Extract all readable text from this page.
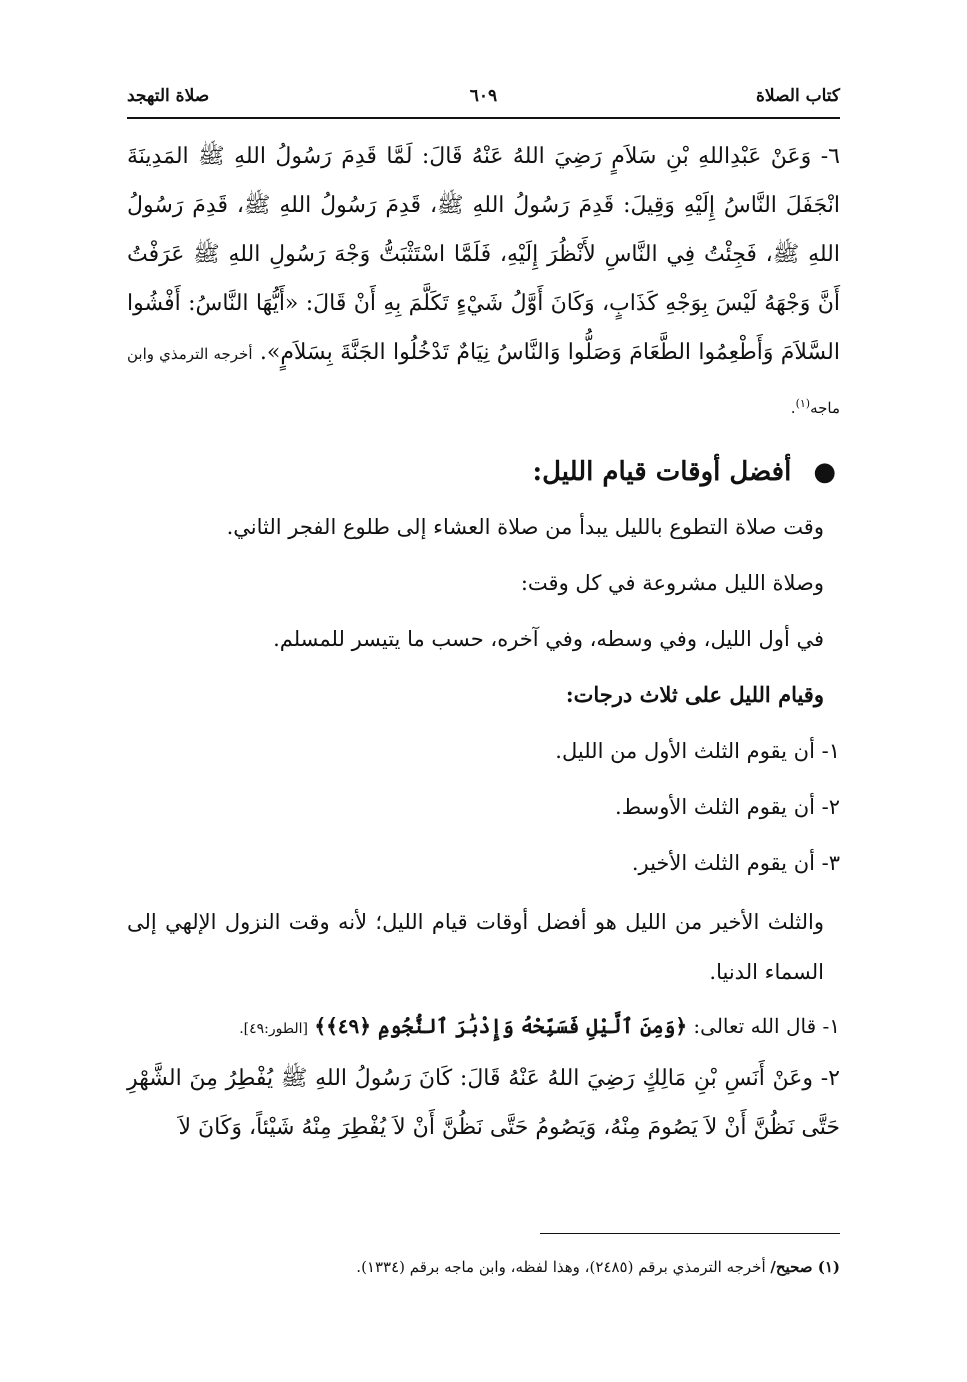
كتاب الصلاة
٦٠٩
صلاة التهجد

٦- وَعَنْ عَبْدِاللهِ بْنِ سَلاَمٍ رَضِيَ اللهُ عَنْهُ قَالَ: لَمَّا قَدِمَ رَسُولُ اللهِ ﷺ المَدِينَةَ انْجَفَلَ النَّاسُ إِلَيْهِ وَقِيلَ: قَدِمَ رَسُولُ اللهِ ﷺ، قَدِمَ رَسُولُ اللهِ ﷺ، قَدِمَ رَسُولُ اللهِ ﷺ، فَجِئْتُ فِي النَّاسِ لأَنْظُرَ إِلَيْهِ، فَلَمَّا اسْتَثْبَتُّ وَجْهَ رَسُولِ اللهِ ﷺ عَرَفْتُ أَنَّ وَجْهَهُ لَيْسَ بِوَجْهِ كَذَابٍ، وَكَانَ أَوَّلُ شَيْءٍ تَكَلَّمَ بِهِ أَنْ قَالَ: «أَيُّهَا النَّاسُ: أَفْشُوا السَّلاَمَ وَأَطْعِمُوا الطَّعَامَ وَصَلُّوا وَالنَّاسُ نِيَامٌ تَدْخُلُوا الجَنَّةَ بِسَلاَمٍ». أخرجه الترمذي وابن ماجه$^{(١)}$.

●أفضل أوقات قيام الليل:

وقت صلاة التطوع بالليل يبدأ من صلاة العشاء إلى طلوع الفجر الثاني.

وصلاة الليل مشروعة في كل وقت:

في أول الليل، وفي وسطه، وفي آخره، حسب ما يتيسر للمسلم.

وقيام الليل على ثلاث درجات:

١- أن يقوم الثلث الأول من الليل.

٢- أن يقوم الثلث الأوسط.

٣- أن يقوم الثلث الأخير.

والثلث الأخير من الليل هو أفضل أوقات قيام الليل؛ لأنه وقت النزول الإلهي إلى السماء الدنيا.

١- قال الله تعالى: ﴿وَمِنَ ٱلَّيْلِ فَسَبِّحْهُ وَإِدْبَٰرَ ٱلنُّجُومِ ﴿٤٩﴾﴾ [الطور:٤٩].

٢- وعَنْ أَنَسِ بْنِ مَالِكٍ رَضِيَ اللهُ عَنْهُ قَالَ: كَانَ رَسُولُ اللهِ ﷺ يُفْطِرُ مِنَ الشَّهْرِ حَتَّى نَظُنَّ أَنْ لاَ يَصُومَ مِنْهُ، وَيَصُومُ حَتَّى نَظُنَّ أَنْ لاَ يُفْطِرَ مِنْهُ شَيْئاً، وَكَانَ لاَ

(١) صحيح/ أخرجه الترمذي برقم (٢٤٨٥)، وهذا لفظه، وابن ماجه برقم (١٣٣٤).
